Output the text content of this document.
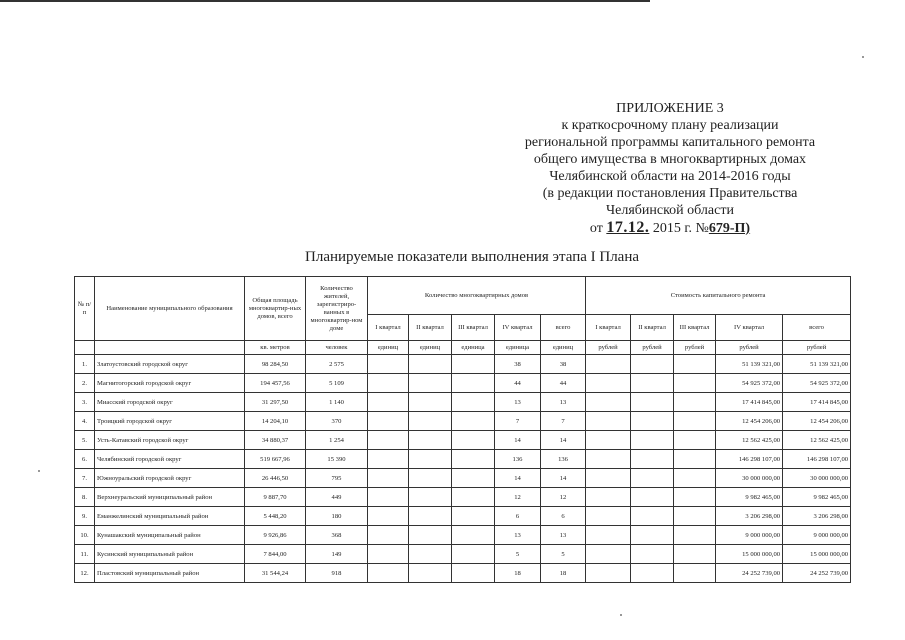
ПРИЛОЖЕНИЕ 3
к краткосрочному плану реализации
региональной программы капитального ремонта
общего имущества в многоквартирных домах
Челябинской области на 2014-2016 годы
(в редакции постановления Правительства
Челябинской области
от 17.12. 2015 г. №679-П)
Планируемые показатели выполнения этапа I Плана
№ п/п	Наименование муниципального образования	Общая площадь многоквартир-ных домов, всего	Количество жителей, зарегистриро-ванных в многоквартир-ном доме	Количество многоквартирных домов					Стоимость капитального ремонта				
				I квартал	II квартал	III квартал	IV квартал	всего	I квартал	II квартал	III квартал	IV квартал	всего
		кв. метров	человек	единиц	единиц	единица	единица	единиц	рублей	рублей	рублей	рублей	рублей
1.	Златоустовский городской округ	98 284,50	2 575				38	38				51 139 321,00	51 139 321,00
2.	Магнитогорский городской округ	194 457,56	5 109				44	44				54 925 372,00	54 925 372,00
3.	Миасский городской округ	31 297,50	1 140				13	13				17 414 845,00	17 414 845,00
4.	Троицкий городской округ	14 204,10	370				7	7				12 454 206,00	12 454 206,00
5.	Усть-Катавский городской округ	34 880,37	1 254				14	14				12 562 425,00	12 562 425,00
6.	Челябинский городской округ	519 667,96	15 390				136	136				146 298 107,00	146 298 107,00
7.	Южноуральский городской округ	26 446,50	795				14	14				30 000 000,00	30 000 000,00
8.	Верхнеуральский муниципальный район	9 887,70	449				12	12				9 982 465,00	9 982 465,00
9.	Еманжелинский муниципальный район	5 448,20	180				6	6				3 206 298,00	3 206 298,00
10.	Кунашакский муниципальный район	9 926,86	368				13	13				9 000 000,00	9 000 000,00
11.	Кусинский муниципальный район	7 844,00	149				5	5				15 000 000,00	15 000 000,00
12.	Пластовский муниципальный район	31 544,24	918				18	18				24 252 739,00	24 252 739,00
